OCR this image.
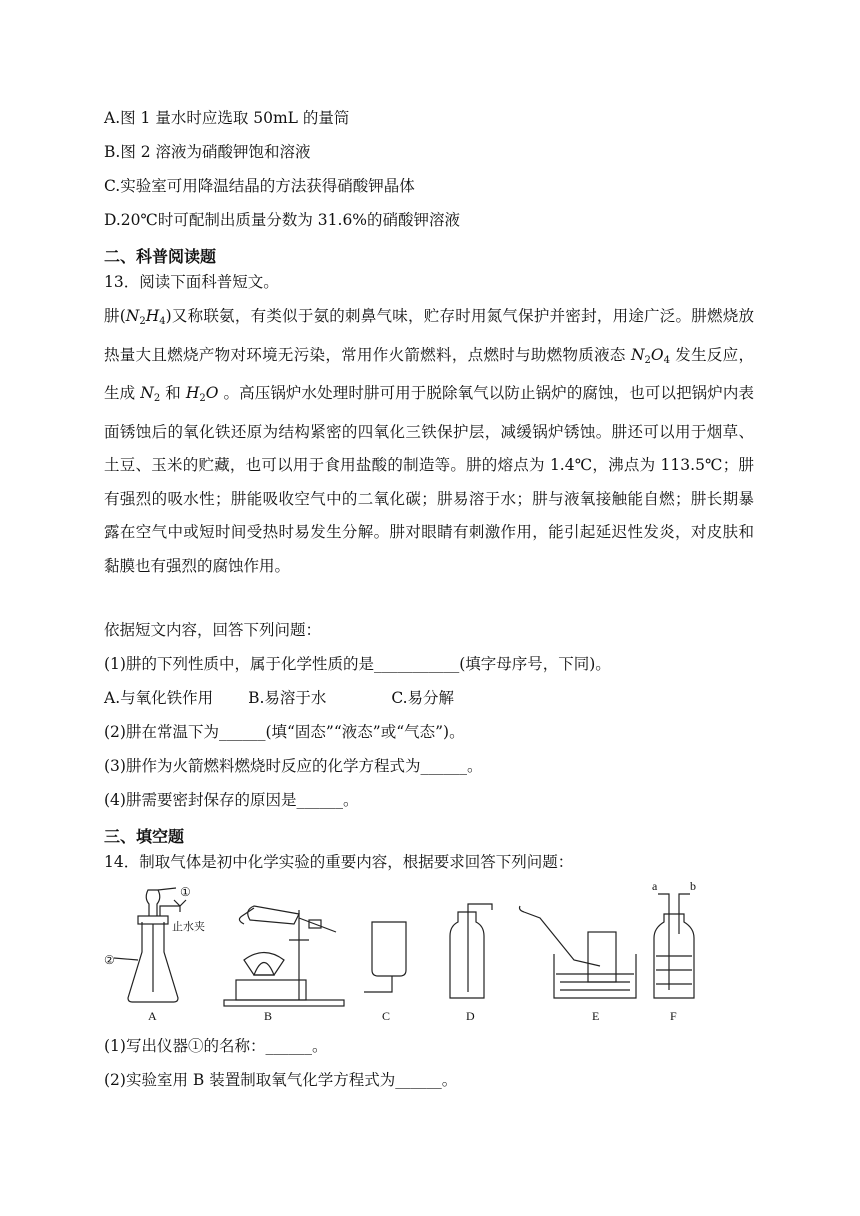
A.图 1 量水时应选取 50mL 的量筒
B.图 2 溶液为硝酸钾饱和溶液
C.实验室可用降温结晶的方法获得硝酸钾晶体
D.20℃时可配制出质量分数为 31.6%的硝酸钾溶液
二、科普阅读题
13．阅读下面科普短文。
肼$(N_2H_4)$又称联氨，有类似于氨的刺鼻气味，贮存时用氮气保护并密封，用途广泛。肼燃烧放热量大且燃烧产物对环境无污染，常用作火箭燃料，点燃时与助燃物质液态 $N_2O_4$ 发生反应，生成 $N_2$ 和 $H_2O$ 。高压锅炉水处理时肼可用于脱除氧气以防止锅炉的腐蚀，也可以把锅炉内表面锈蚀后的氧化铁还原为结构紧密的四氧化三铁保护层，减缓锅炉锈蚀。肼还可以用于烟草、土豆、玉米的贮藏，也可以用于食用盐酸的制造等。肼的熔点为 1.4℃，沸点为 113.5℃；肼有强烈的吸水性；肼能吸收空气中的二氧化碳；肼易溶于水；肼与液氧接触能自燃；肼长期暴露在空气中或短时间受热时易发生分解。肼对眼睛有刺激作用，能引起延迟性发炎，对皮肤和黏膜也有强烈的腐蚀作用。
依据短文内容，回答下列问题：
(1)肼的下列性质中，属于化学性质的是___________(填字母序号，下同)。
A.与氧化铁作用 B.易溶于水	C.易分解
(2)肼在常温下为______(填“固态”“液态”或“气态”)。
(3)肼作为火箭燃料燃烧时反应的化学方程式为______。
(4)肼需要密封保存的原因是______。
三、填空题
14．制取气体是初中化学实验的重要内容，根据要求回答下列问题：
①
②
止水夹
A	B	C	D	E	F
a	b
(1)写出仪器①的名称：______。
(2)实验室用 B 装置制取氧气化学方程式为______。
